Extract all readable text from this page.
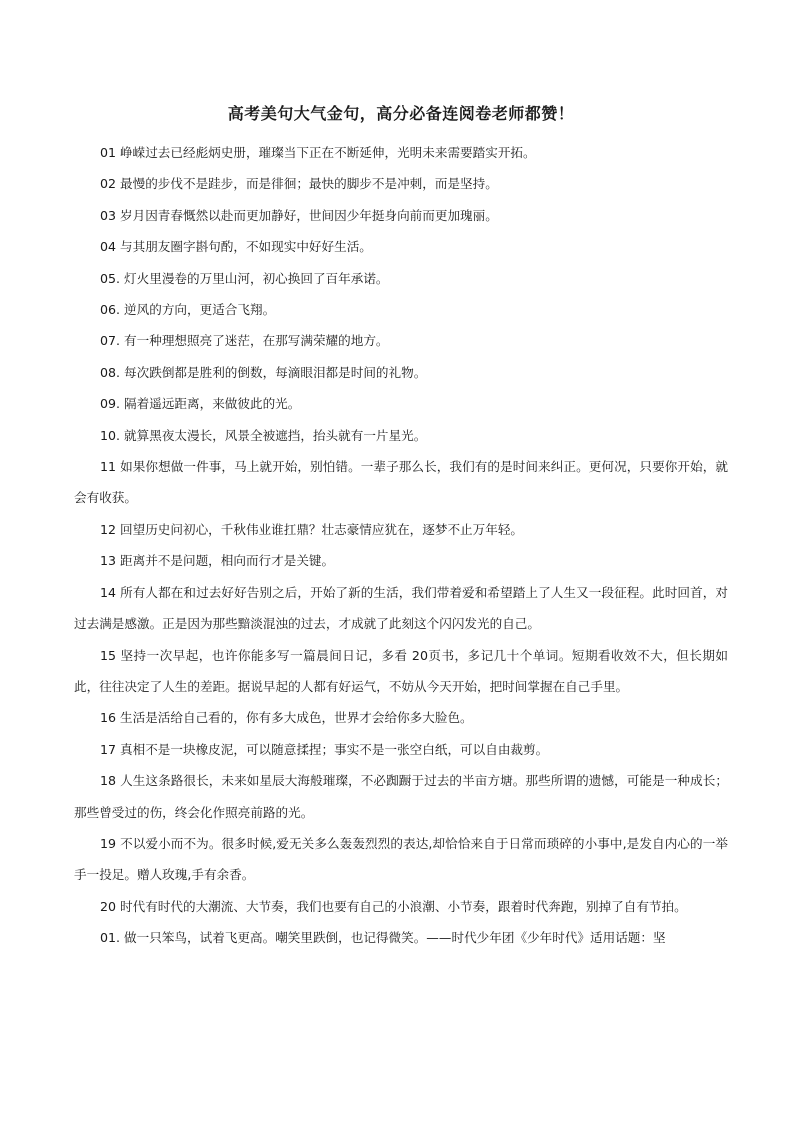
高考美句大气金句，高分必备连阅卷老师都赞！

01 峥嵘过去已经彪炳史册，璀璨当下正在不断延伸，光明未来需要踏实开拓。

02 最慢的步伐不是跬步，而是徘徊；最快的脚步不是冲刺，而是坚持。

03 岁月因青春慨然以赴而更加静好，世间因少年挺身向前而更加瑰丽。

04 与其朋友圈字斟句酌，不如现实中好好生活。

05. 灯火里漫卷的万里山河，初心换回了百年承诺。

06. 逆风的方向，更适合飞翔。

07. 有一种理想照亮了迷茫，在那写满荣耀的地方。

08. 每次跌倒都是胜利的倒数，每滴眼泪都是时间的礼物。

09. 隔着遥远距离，来做彼此的光。

10. 就算黑夜太漫长，风景全被遮挡，抬头就有一片星光。

11 如果你想做一件事，马上就开始，别怕错。一辈子那么长，我们有的是时间来纠正。更何况，只要你开始，就会有收获。

12 回望历史问初心，千秋伟业谁扛鼎？壮志豪情应犹在，逐梦不止万年轻。

13 距离并不是问题，相向而行才是关键。

14 所有人都在和过去好好告别之后，开始了新的生活，我们带着爱和希望踏上了人生又一段征程。此时回首，对过去满是感激。正是因为那些黯淡混浊的过去，才成就了此刻这个闪闪发光的自己。

15 坚持一次早起，也许你能多写一篇晨间日记，多看 20页书，多记几十个单词。短期看收效不大，但长期如此，往往决定了人生的差距。据说早起的人都有好运气，不妨从今天开始，把时间掌握在自己手里。

16 生活是活给自己看的，你有多大成色，世界才会给你多大脸色。

17 真相不是一块橡皮泥，可以随意揉捏；事实不是一张空白纸，可以自由裁剪。

18 人生这条路很长，未来如星辰大海般璀璨，不必踟蹰于过去的半亩方塘。那些所谓的遗憾，可能是一种成长；那些曾受过的伤，终会化作照亮前路的光。

19 不以爱小而不为。很多时候,爱无关多么轰轰烈烈的表达,却恰恰来自于日常而琐碎的小事中,是发自内心的一举手一投足。赠人玫瑰,手有余香。

20 时代有时代的大潮流、大节奏，我们也要有自己的小浪潮、小节奏，跟着时代奔跑，别掉了自有节拍。

01. 做一只笨鸟，试着飞更高。嘲笑里跌倒，也记得微笑。——时代少年团《少年时代》适用话题：坚
